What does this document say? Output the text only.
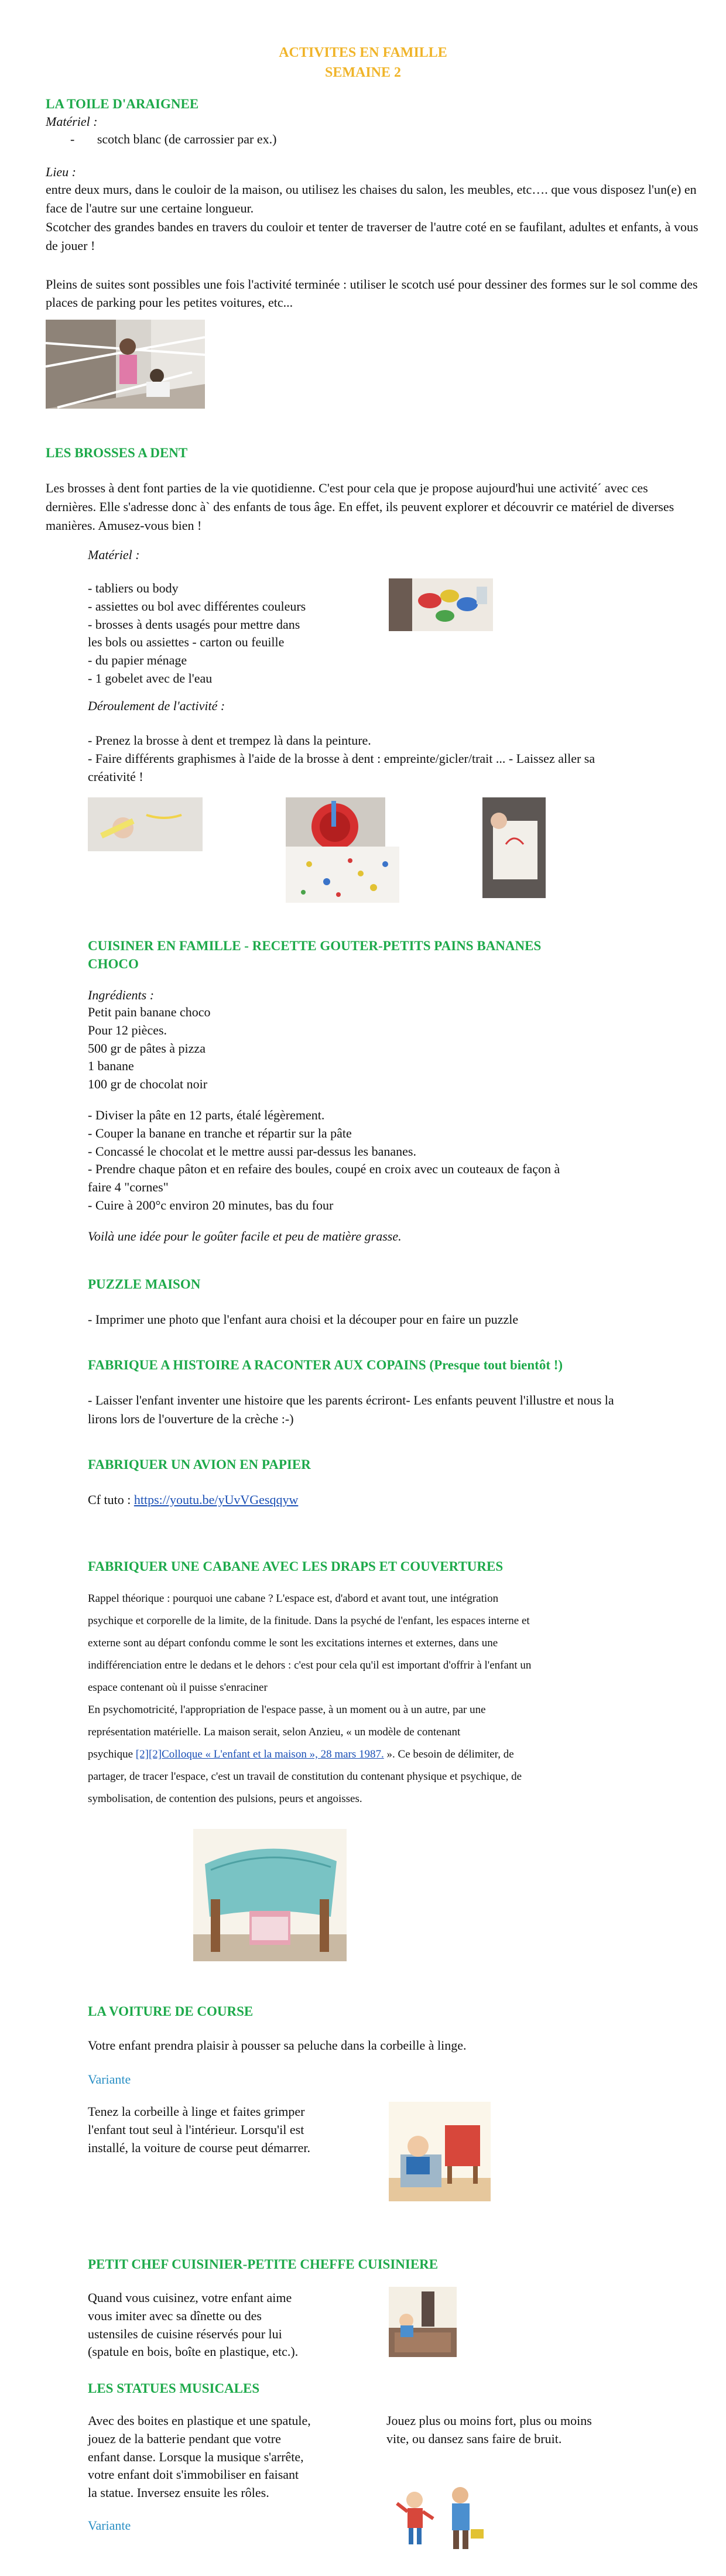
ACTIVITES EN FAMILLE
SEMAINE 2
LA TOILE D'ARAIGNEE
Matériel :
-       scotch blanc (de carrossier par ex.)
Lieu :

entre deux murs, dans le couloir de la maison, ou utilisez les chaises du salon, les meubles, etc…. que vous disposez l'un(e) en face de l'autre sur une certaine longueur.

Scotcher des grandes bandes en travers du couloir et tenter de traverser de l'autre coté en se faufilant, adultes et enfants, à vous de jouer !

Pleins de suites sont possibles une fois l'activité terminée : utiliser le scotch usé pour dessiner des formes sur le sol comme des places de parking pour les petites voitures, etc...

LES BROSSES A DENT
Les brosses à dent font parties de la vie quotidienne. C'est pour cela que je propose aujourd'hui une activité´ avec ces dernières. Elle s'adresse donc à` des enfants de tous âge. En effet, ils peuvent explorer et découvrir ce matériel de diverses manières. Amusez-vous bien !
Matériel :
- tabliers ou body
- assiettes ou bol avec différentes couleurs
- brosses à dents usagés pour mettre dans
les bols ou assiettes - carton ou feuille
- du papier ménage
- 1 gobelet avec de l'eau
Déroulement de l'activité :

- Prenez la brosse à dent et trempez là dans la peinture.

- Faire différents graphismes à l'aide de la brosse à dent : empreinte/gicler/trait ... - Laissez aller sa créativité !

CUISINER EN FAMILLE - RECETTE GOUTER-PETITS PAINS BANANES
CHOCO
Ingrédients :
Petit pain banane choco
Pour 12 pièces.
500 gr de pâtes à pizza
1 banane
100 gr de chocolat noir
- Diviser la pâte en 12 parts, étalé légèrement.
- Couper la banane en tranche et répartir sur la pâte
- Concassé le chocolat et le mettre aussi par-dessus les bananes.
- Prendre chaque pâton et en refaire des boules, coupé en croix avec un couteaux de façon à
faire 4 "cornes"
- Cuire à 200°c environ 20 minutes, bas du four
Voilà une idée pour le goûter facile et peu de matière grasse.
PUZZLE MAISON
- Imprimer une photo que l'enfant aura choisi et la découper pour en faire un puzzle
FABRIQUE A HISTOIRE A RACONTER AUX COPAINS (Presque tout bientôt !)
- Laisser l'enfant inventer une histoire que les parents écriront- Les enfants peuvent l'illustre et nous la lirons lors de l'ouverture de la crèche :-)
FABRIQUER UN AVION EN PAPIER
Cf tuto : https://youtu.be/yUvVGesqqyw
FABRIQUER UNE CABANE AVEC LES DRAPS ET COUVERTURES
Rappel théorique : pourquoi une cabane ? L'espace est, d'abord et avant tout, une intégration
psychique et corporelle de la limite, de la finitude. Dans la psyché de l'enfant, les espaces interne et
externe sont au départ confondu comme le sont les excitations internes et externes, dans une
indifférenciation entre le dedans et le dehors : c'est pour cela qu'il est important d'offrir à l'enfant un
espace contenant où il puisse s'enraciner
En psychomotricité, l'appropriation de l'espace passe, à un moment ou à un autre, par une
représentation matérielle. La maison serait, selon Anzieu, « un modèle de contenant
psychique [2][2]Colloque « L'enfant et la maison », 28 mars 1987. ». Ce besoin de délimiter, de
partager, de tracer l'espace, c'est un travail de constitution du contenant physique et psychique, de
symbolisation, de contention des pulsions, peurs et angoisses.
LA VOITURE DE COURSE
Votre enfant prendra plaisir à pousser sa peluche dans la corbeille à linge.
Variante
Tenez la corbeille à linge et faites grimper
l'enfant tout seul à l'intérieur. Lorsqu'il est
installé, la voiture de course peut démarrer.
PETIT CHEF CUISINIER-PETITE CHEFFE CUISINIERE
Quand vous cuisinez, votre enfant aime
vous imiter avec sa dînette ou des
ustensiles de cuisine réservés pour lui
(spatule en bois, boîte en plastique, etc.).
LES STATUES MUSICALES
Avec des boites en plastique et une spatule,
jouez de la batterie pendant que votre
enfant danse. Lorsque la musique s'arrête,
votre enfant doit s'immobiliser en faisant
la statue. Inversez ensuite les rôles.
Jouez plus ou moins fort, plus ou moins
vite, ou dansez sans faire de bruit.
Variante
